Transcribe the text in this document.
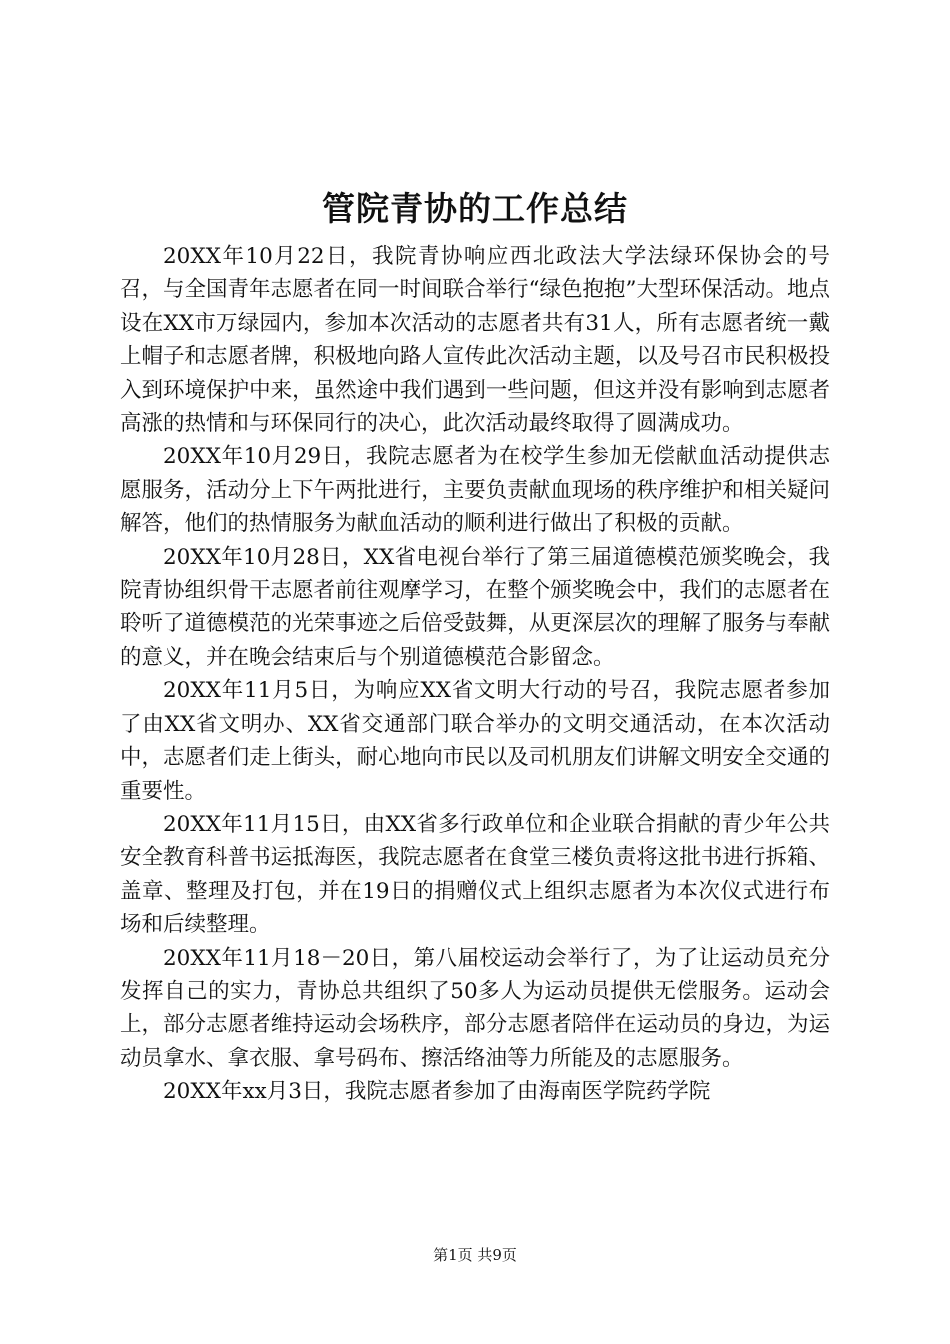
管院青协的工作总结

20XX年10月22日，我院青协响应西北政法大学法绿环保协会的号召，与全国青年志愿者在同一时间联合举行“绿色抱抱”大型环保活动。地点设在XX市万绿园内，参加本次活动的志愿者共有31人，所有志愿者统一戴上帽子和志愿者牌，积极地向路人宣传此次活动主题，以及号召市民积极投入到环境保护中来，虽然途中我们遇到一些问题，但这并没有影响到志愿者高涨的热情和与环保同行的决心，此次活动最终取得了圆满成功。

20XX年10月29日，我院志愿者为在校学生参加无偿献血活动提供志愿服务，活动分上下午两批进行，主要负责献血现场的秩序维护和相关疑问解答，他们的热情服务为献血活动的顺利进行做出了积极的贡献。

20XX年10月28日，XX省电视台举行了第三届道德模范颁奖晚会，我院青协组织骨干志愿者前往观摩学习，在整个颁奖晚会中，我们的志愿者在聆听了道德模范的光荣事迹之后倍受鼓舞，从更深层次的理解了服务与奉献的意义，并在晚会结束后与个别道德模范合影留念。

20XX年11月5日，为响应XX省文明大行动的号召，我院志愿者参加了由XX省文明办、XX省交通部门联合举办的文明交通活动，在本次活动中，志愿者们走上街头，耐心地向市民以及司机朋友们讲解文明安全交通的重要性。

20XX年11月15日，由XX省多行政单位和企业联合捐献的青少年公共安全教育科普书运抵海医，我院志愿者在食堂三楼负责将这批书进行拆箱、盖章、整理及打包，并在19日的捐赠仪式上组织志愿者为本次仪式进行布场和后续整理。

20XX年11月18－20日，第八届校运动会举行了，为了让运动员充分发挥自己的实力，青协总共组织了50多人为运动员提供无偿服务。运动会上，部分志愿者维持运动会场秩序，部分志愿者陪伴在运动员的身边，为运动员拿水、拿衣服、拿号码布、擦活络油等力所能及的志愿服务。

20XX年xx月3日，我院志愿者参加了由海南医学院药学院

第1页 共9页
